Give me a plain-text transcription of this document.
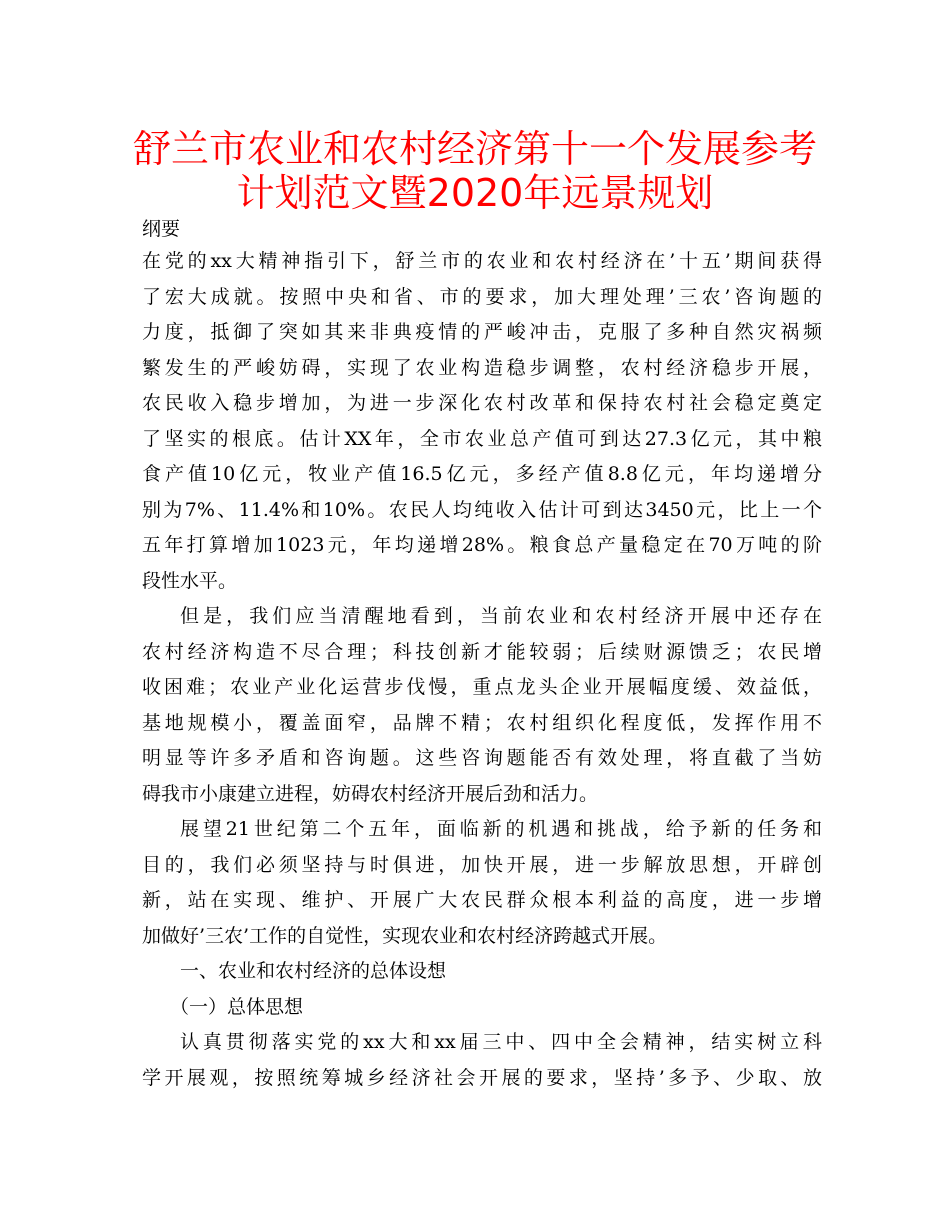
舒兰市农业和农村经济第十一个发展参考
计划范文暨2020年远景规划
纲要

在党的xx大精神指引下，舒兰市的农业和农村经济在’十五’期间获得
了宏大成就。按照中央和省、市的要求，加大理处理’三农’咨询题的
力度，抵御了突如其来非典疫情的严峻冲击，克服了多种自然灾祸频
繁发生的严峻妨碍，实现了农业构造稳步调整，农村经济稳步开展，
农民收入稳步增加，为进一步深化农村改革和保持农村社会稳定奠定
了坚实的根底。估计XX年，全市农业总产值可到达27.3亿元，其中粮
食产值10亿元，牧业产值16.5亿元，多经产值8.8亿元，年均递增分
别为7%、11.4%和10%。农民人均纯收入估计可到达3450元，比上一个
五年打算增加1023元，年均递增28%。粮食总产量稳定在70万吨的阶
段性水平。

但是，我们应当清醒地看到，当前农业和农村经济开展中还存在
农村经济构造不尽合理；科技创新才能较弱；后续财源馈乏；农民增
收困难；农业产业化运营步伐慢，重点龙头企业开展幅度缓、效益低，
基地规模小，覆盖面窄，品牌不精；农村组织化程度低，发挥作用不
明显等许多矛盾和咨询题。这些咨询题能否有效处理，将直截了当妨
碍我市小康建立进程，妨碍农村经济开展后劲和活力。

展望21世纪第二个五年，面临新的机遇和挑战，给予新的任务和
目的，我们必须坚持与时俱进，加快开展，进一步解放思想，开辟创
新，站在实现、维护、开展广大农民群众根本利益的高度，进一步增
加做好’三农’工作的自觉性，实现农业和农村经济跨越式开展。

一、农业和农村经济的总体设想

（一）总体思想

认真贯彻落实党的xx大和xx届三中、四中全会精神，结实树立科
学开展观，按照统筹城乡经济社会开展的要求，坚持’多予、少取、放
